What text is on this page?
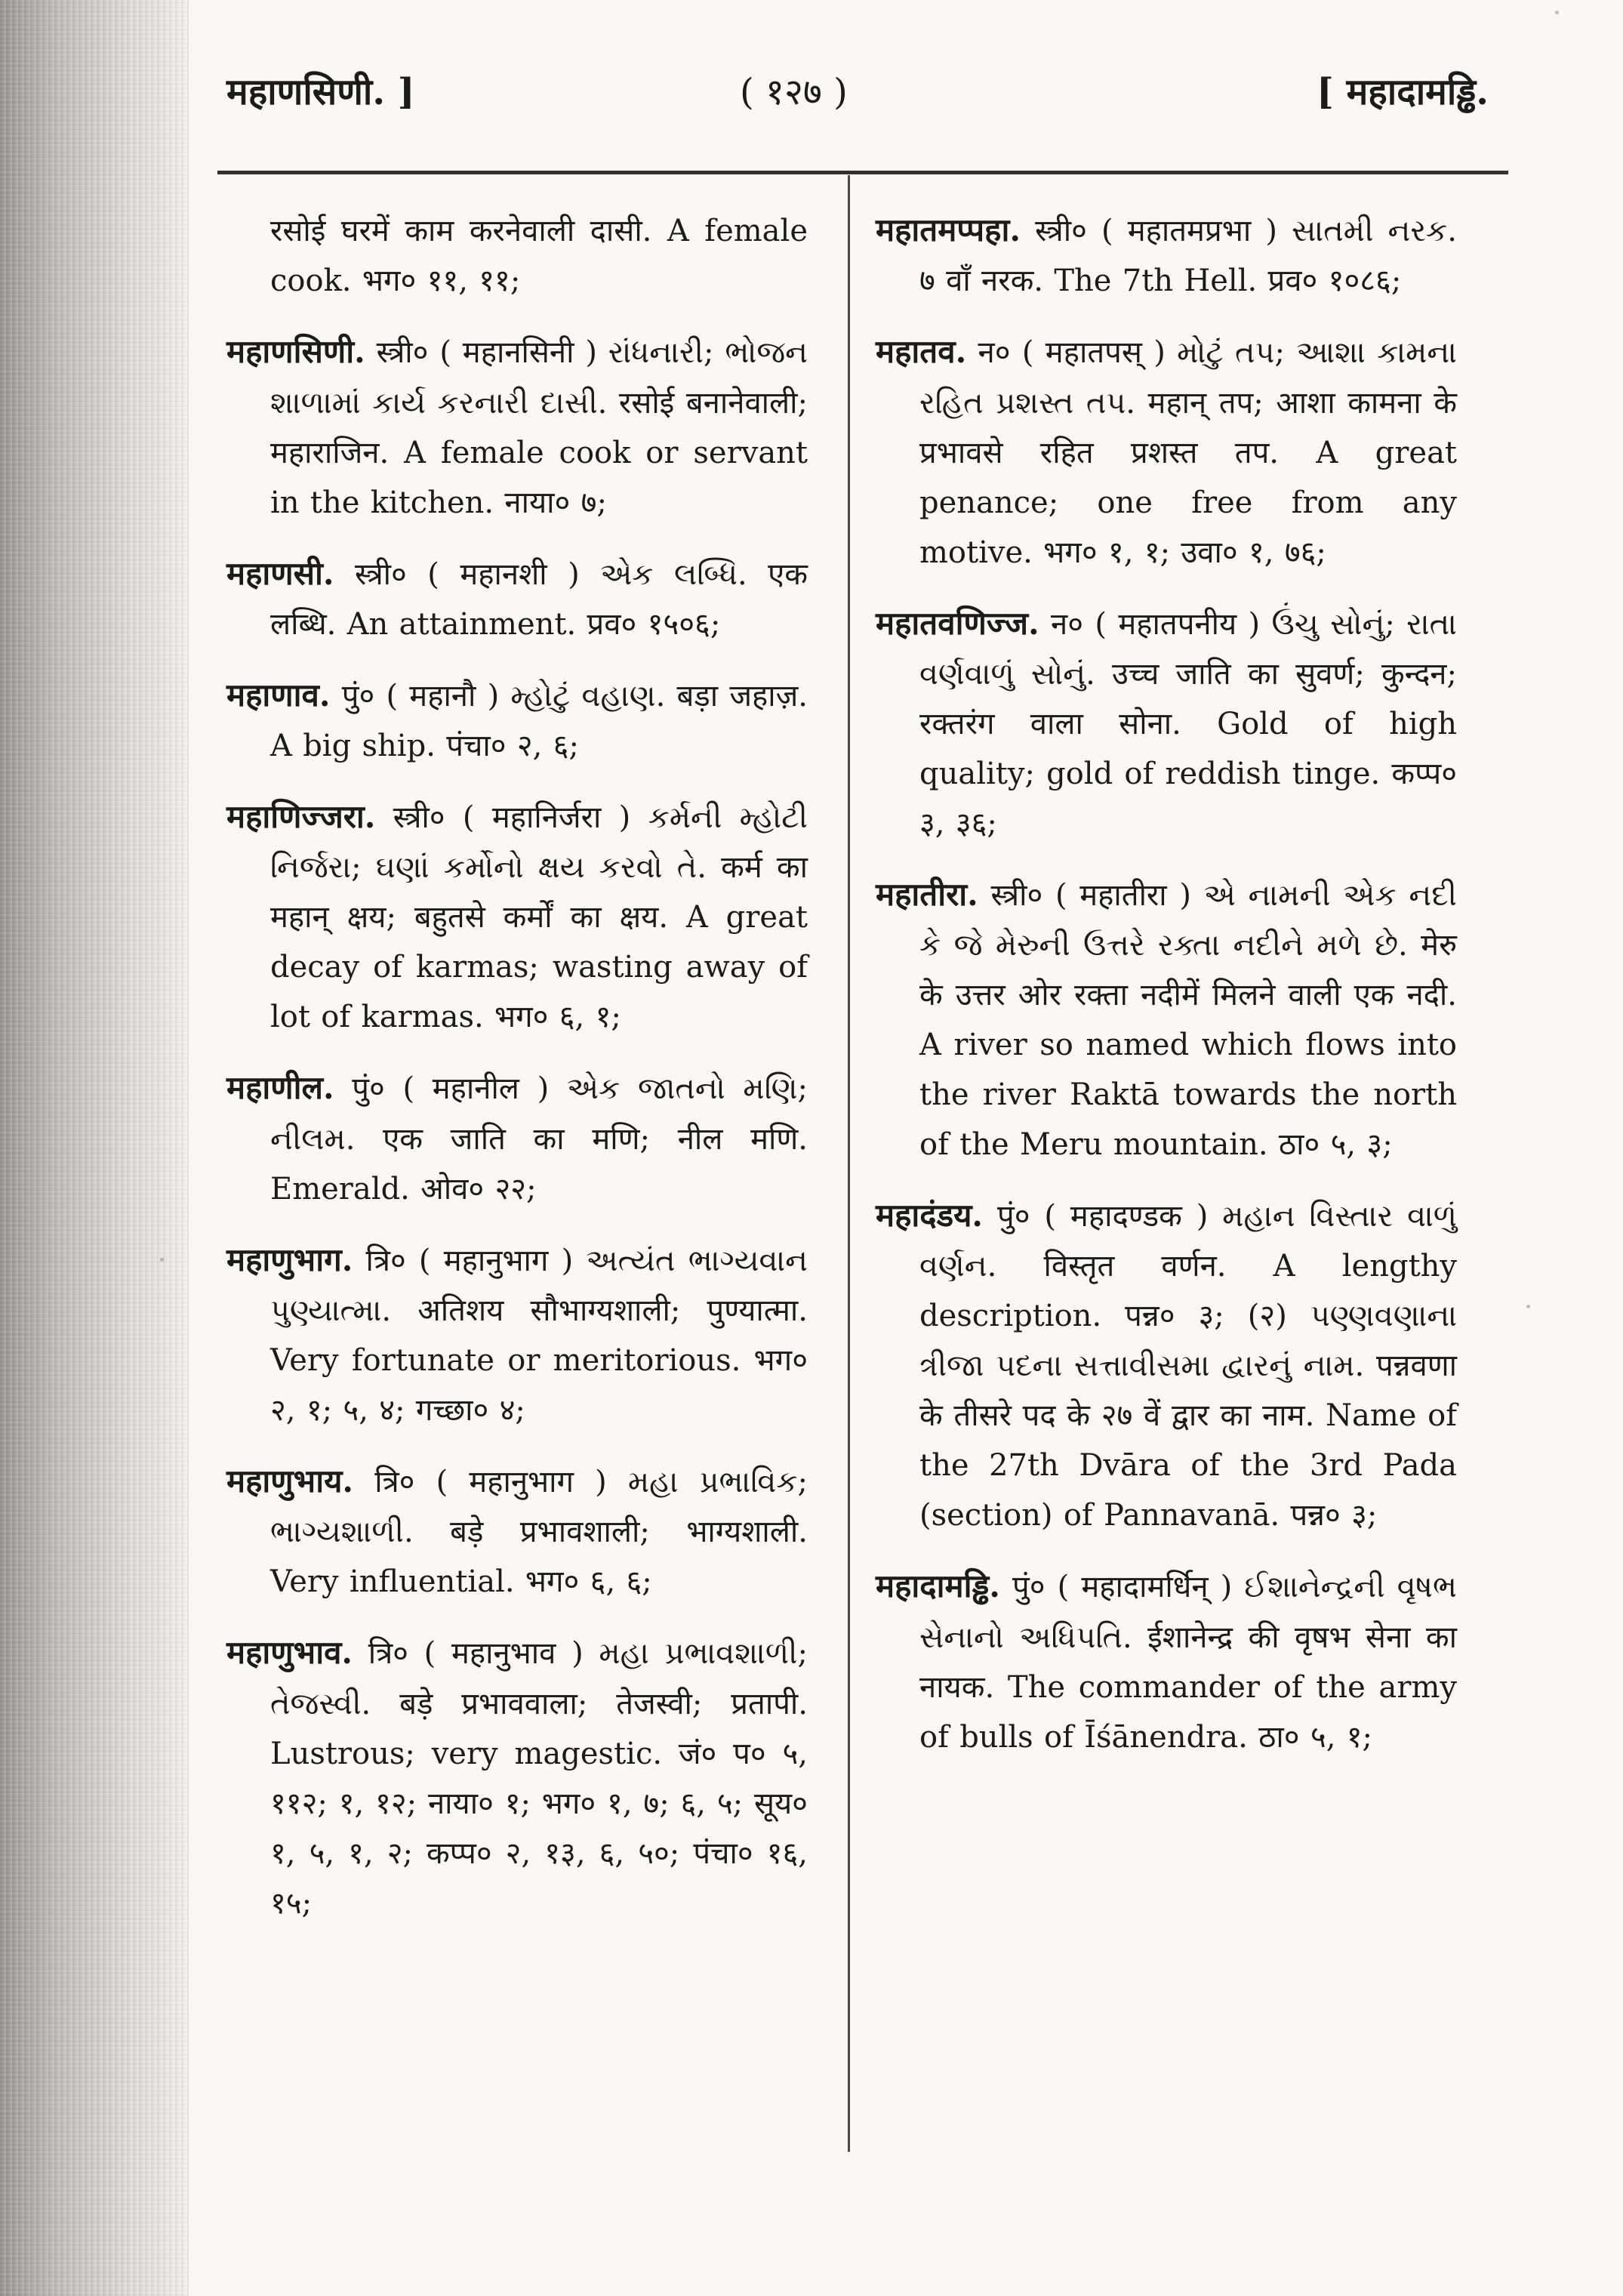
महाणसिणी. ]	( १२७ )	[ महादामड्ढि.

रसोई घरमें काम करनेवाली दासी. A female cook. भग० ११, ११;

महाणसिणी. स्त्री० ( महानसिनी ) રાંધનારી; ભોજન શાળામાં કાર્ય કરનારી દાસી. रसोई बनानेवाली; महाराजिन. A female cook or servant in the kitchen. नाया० ७;

महाणसी. स्त्री० ( महानशी ) એક લબ્ધિ. एक लब्धि. An attainment. प्रव० १५०६;

महाणाव. पुं० ( महानौ ) મ્હોટું વહાણ. बड़ा जहाज़. A big ship. पंचा० २, ६;

महाणिज्जरा. स्त्री० ( महानिर्जरा ) કર્મની મ્હોટી નિર્જરા; ઘણાં કર્મોનો ક્ષય કરવો તે. कर्म का महान् क्षय; बहुतसे कर्मों का क्षय. A great decay of karmas; wasting away of lot of karmas. भग० ६, १;

महाणील. पुं० ( महानील ) એક જાતનો મણિ; નીલમ. एक जाति का मणि; नील मणि. Emerald. ओव० २२;

महाणुभाग. त्रि० ( महानुभाग ) અત્યંત ભાગ્યવાન પુણ્યાત્મા. अतिशय सौभाग्यशाली; पुण्यात्मा. Very fortunate or meritorious. भग० २, १; ५, ४; गच्छा० ४;

महाणुभाय. त्रि० ( महानुभाग ) મહા પ્રભાવિક; ભાગ્યશાળી. बड़े प्रभावशाली; भाग्यशाली. Very influential. भग० ६, ६;

महाणुभाव. त्रि० ( महानुभाव ) મહા પ્રભાવશાળી; તેજસ્વી. बड़े प्रभाववाला; तेजस्वी; प्रतापी. Lustrous; very magestic. जं० प० ५, ११२; १, १२; नाया० १; भग० १, ७; ६, ५; सूय० १, ५, १, २; कप्प० २, १३, ६, ५०; पंचा० १६, १५;

महातमप्पहा. स्त्री० ( महातमप्रभा ) સાતમી નરક. ७ वाँ नरक. The 7th Hell. प्रव० १०८६;

महातव. न० ( महातपस् ) મોટું તપ; આશા કામના રહિત પ્રશસ્ત તપ. महान् तप; आशा कामना के प्रभावसे रहित प्रशस्त तप. A great penance; one free from any motive. भग० १, १; उवा० १, ७६;

महातवणिज्ज. न० ( महातपनीय ) ઉંચુ સોનું; રાતા વર્ણવાળું સોનું. उच्च जाति का सुवर्ण; कुन्दन; रक्तरंग वाला सोना. Gold of high quality; gold of reddish tinge. कप्प० ३, ३६;

महातीरा. स्त्री० ( महातीरा ) એ નામની એક નદી કે જે મેરુની ઉત્તરે રક્તા નદીને મળે છે. मेरु के उत्तर ओर रक्ता नदीमें मिलने वाली एक नदी. A river so named which flows into the river Raktā towards the north of the Meru mountain. ठा० ५, ३;

महादंडय. पुं० ( महादण्डक ) મહાન વિસ્તાર વાળું વર્ણન. विस्तृत वर्णन. A lengthy description. पन्न० ३; (२) પણ્ણવણાના ત્રીજા પદના સત્તાવીસમા દ્વારનું નામ. पन्नवणा के तीसरे पद के २७ वें द्वार का नाम. Name of the 27th Dvāra of the 3rd Pada (section) of Pannavanā. पन्न० ३;

महादामड्ढि. पुं० ( महादामर्धिन् ) ઈશાનેન્દ્રની વૃષભ સેનાનો અધિપતિ. ईशानेन्द्र की वृषभ सेना का नायक. The commander of the army of bulls of Īśānendra. ठा० ५, १;
